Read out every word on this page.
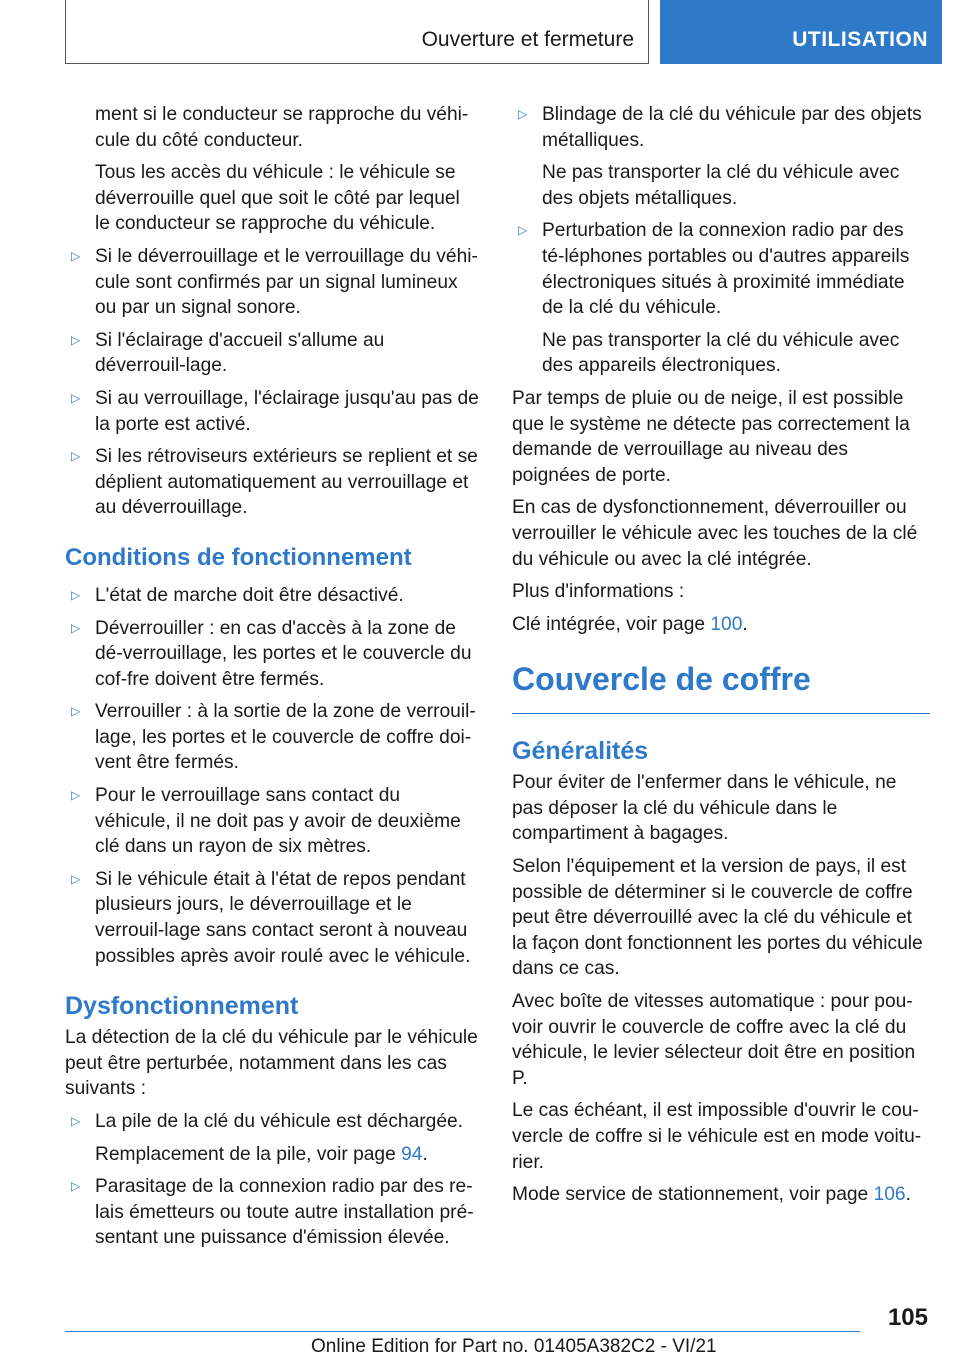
Ouverture et fermeture	UTILISATION

ment si le conducteur se rapproche du véhi-cule du côté conducteur.

Tous les accès du véhicule : le véhicule se déverrouille quel que soit le côté par lequel le conducteur se rapproche du véhicule.

▷ Si le déverrouillage et le verrouillage du véhi-cule sont confirmés par un signal lumineux ou par un signal sonore.

▷ Si l'éclairage d'accueil s'allume au déverrouil-lage.

▷ Si au verrouillage, l'éclairage jusqu'au pas de la porte est activé.

▷ Si les rétroviseurs extérieurs se replient et se déplient automatiquement au verrouillage et au déverrouillage.

Conditions de fonctionnement

▷ L'état de marche doit être désactivé.

▷ Déverrouiller : en cas d'accès à la zone de dé-verrouillage, les portes et le couvercle du cof-fre doivent être fermés.

▷ Verrouiller : à la sortie de la zone de verrouil-lage, les portes et le couvercle de coffre doi-vent être fermés.

▷ Pour le verrouillage sans contact du véhicule, il ne doit pas y avoir de deuxième clé dans un rayon de six mètres.

▷ Si le véhicule était à l'état de repos pendant plusieurs jours, le déverrouillage et le verrouil-lage sans contact seront à nouveau possibles après avoir roulé avec le véhicule.

Dysfonctionnement

La détection de la clé du véhicule par le véhicule peut être perturbée, notamment dans les cas suivants :

▷ La pile de la clé du véhicule est déchargée.

Remplacement de la pile, voir page 94.

▷ Parasitage de la connexion radio par des re-lais émetteurs ou toute autre installation pré-sentant une puissance d'émission élevée.

▷ Blindage de la clé du véhicule par des objets métalliques.

Ne pas transporter la clé du véhicule avec des objets métalliques.

▷ Perturbation de la connexion radio par des té-léphones portables ou d'autres appareils électroniques situés à proximité immédiate de la clé du véhicule.

Ne pas transporter la clé du véhicule avec des appareils électroniques.

Par temps de pluie ou de neige, il est possible que le système ne détecte pas correctement la demande de verrouillage au niveau des poignées de porte.

En cas de dysfonctionnement, déverrouiller ou verrouiller le véhicule avec les touches de la clé du véhicule ou avec la clé intégrée.

Plus d'informations :

Clé intégrée, voir page 100.

Couvercle de coffre
Généralités

Pour éviter de l'enfermer dans le véhicule, ne pas déposer la clé du véhicule dans le compartiment à bagages.

Selon l'équipement et la version de pays, il est possible de déterminer si le couvercle de coffre peut être déverrouillé avec la clé du véhicule et la façon dont fonctionnent les portes du véhicule dans ce cas.

Avec boîte de vitesses automatique : pour pou-voir ouvrir le couvercle de coffre avec la clé du véhicule, le levier sélecteur doit être en position P.

Le cas échéant, il est impossible d'ouvrir le cou-vercle de coffre si le véhicule est en mode voitu-rier.

Mode service de stationnement, voir page 106.

105
Online Edition for Part no. 01405A382C2 - VI/21
